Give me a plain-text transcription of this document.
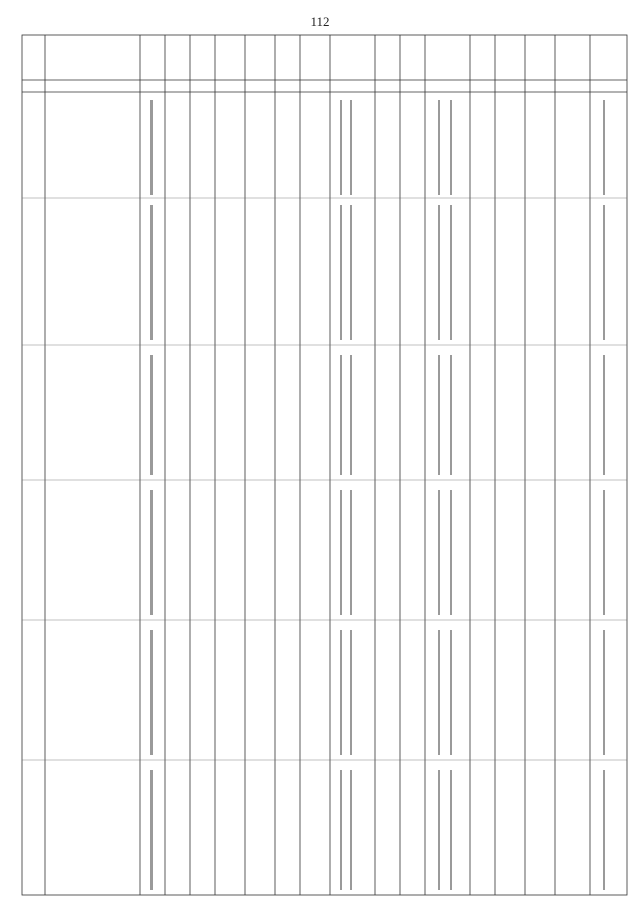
112
